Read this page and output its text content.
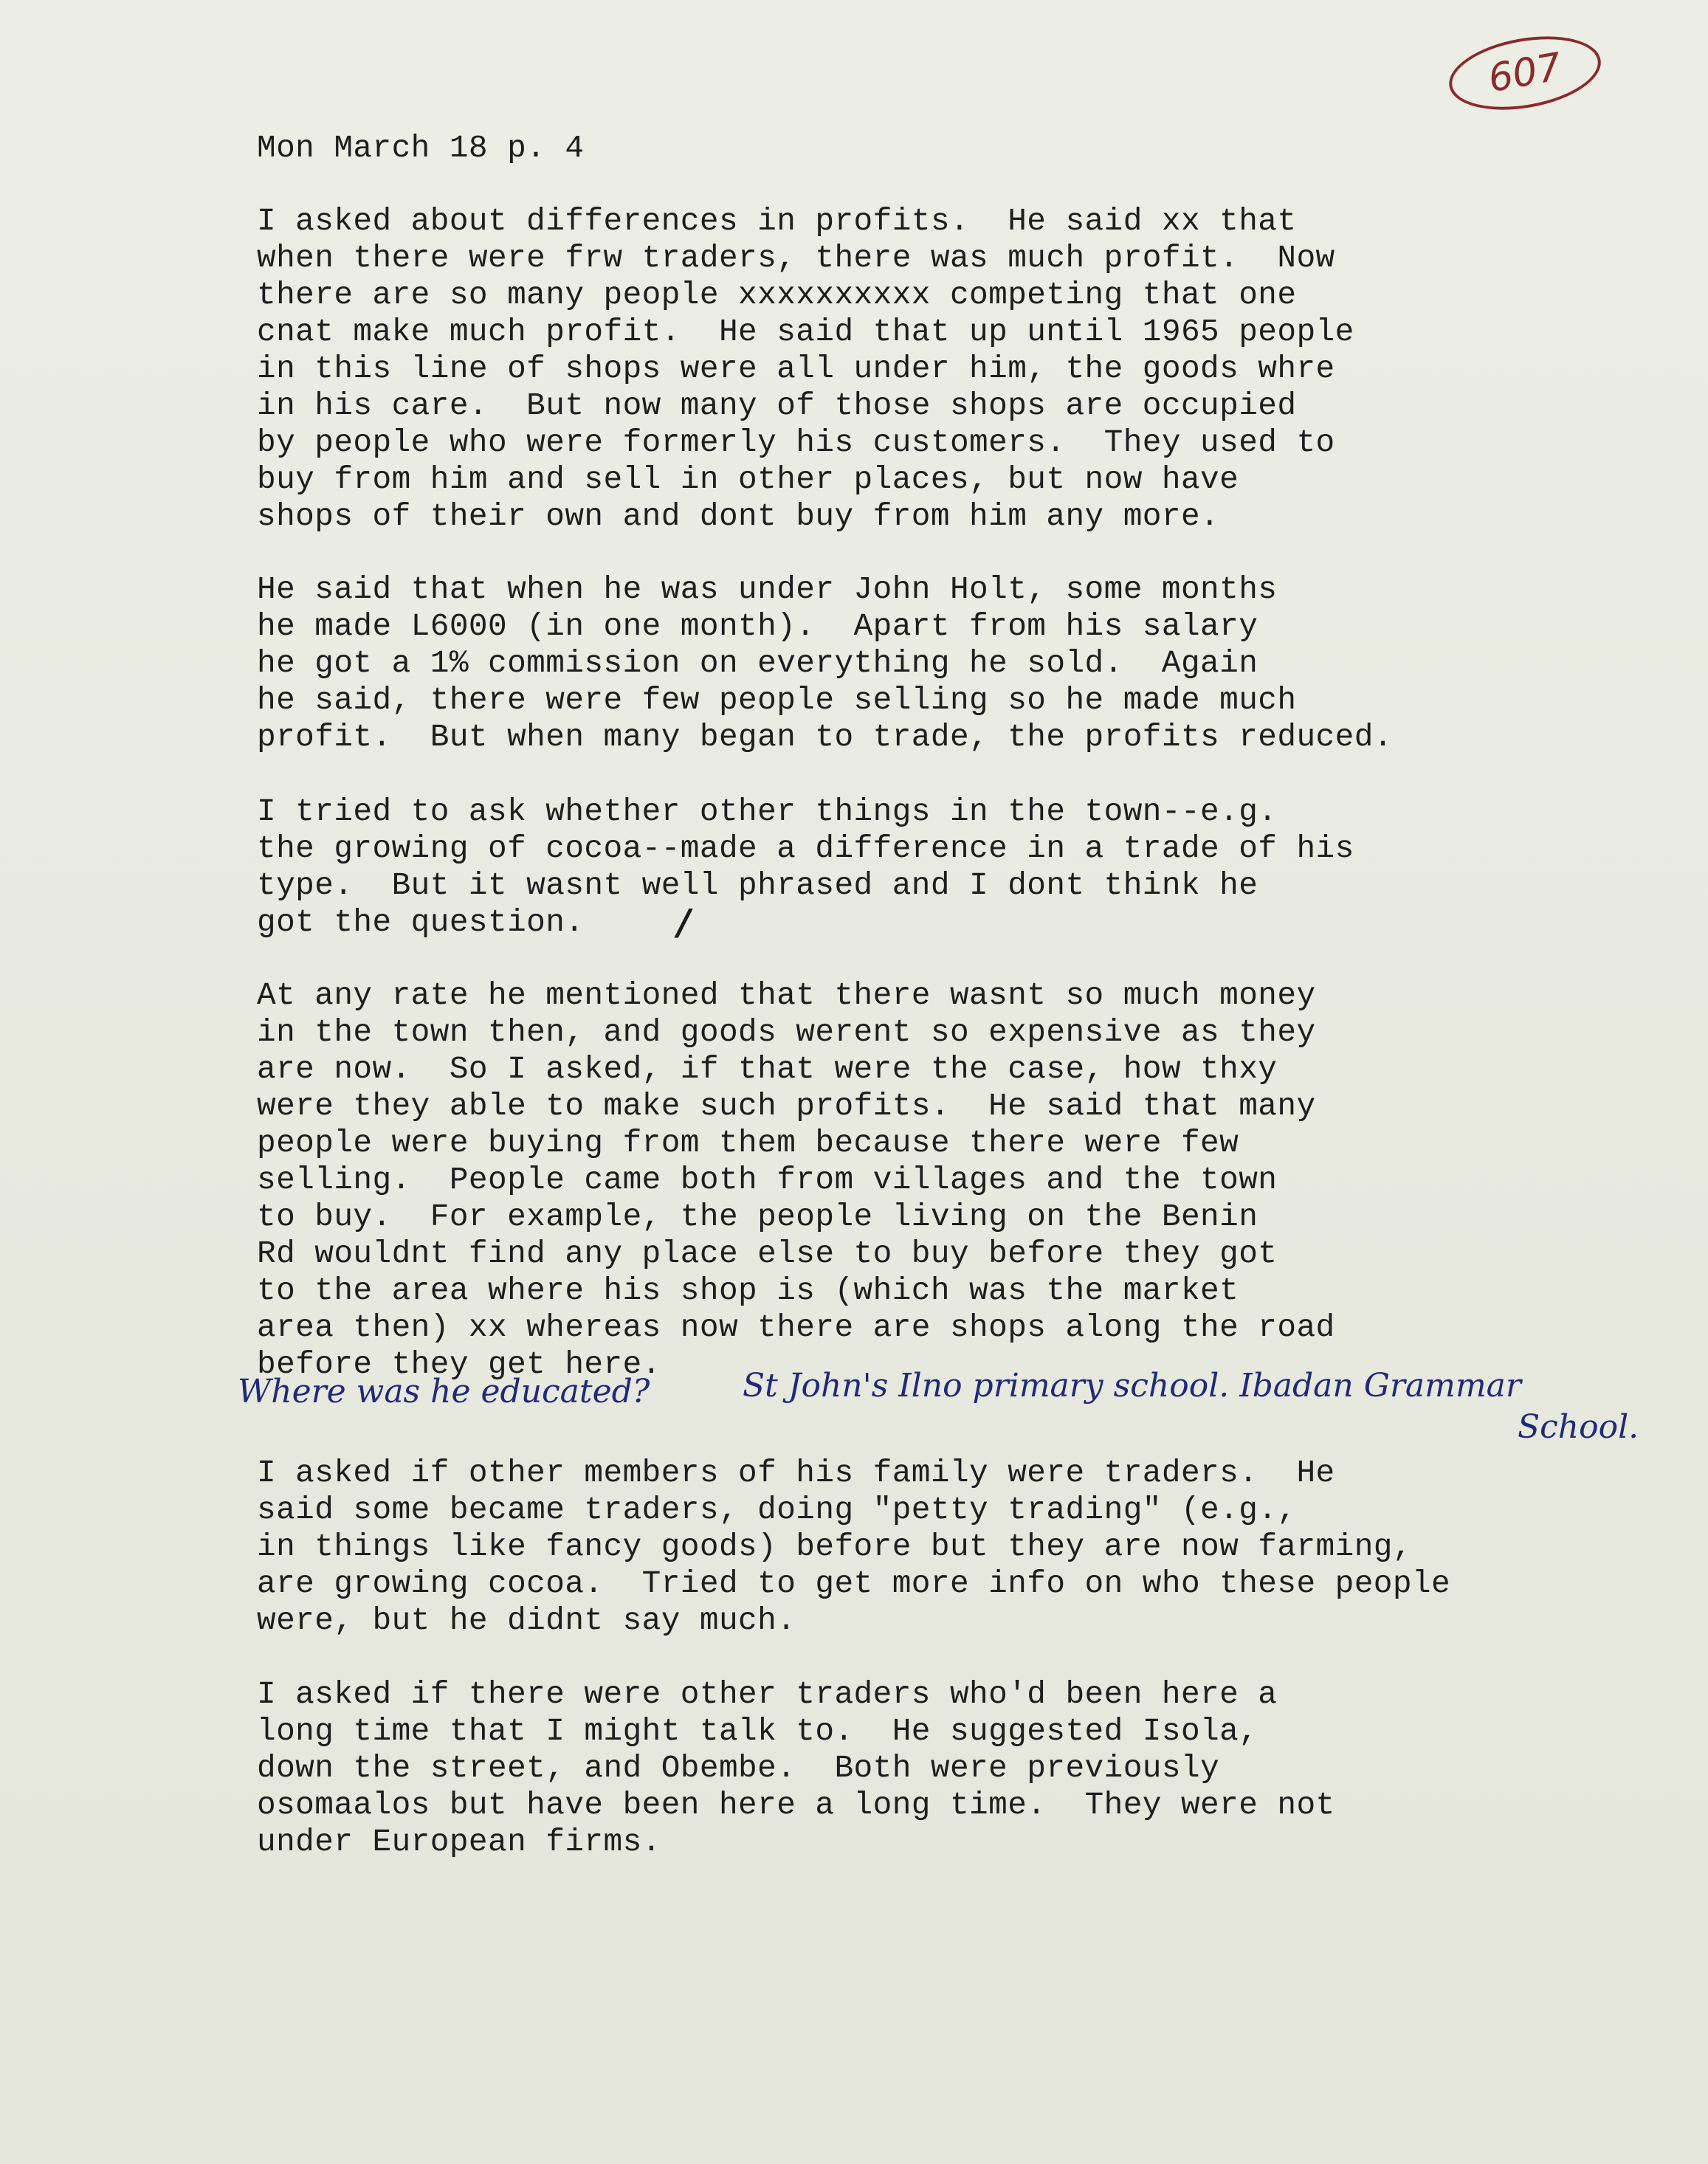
607
Mon March 18 p. 4
I asked about differences in profits.  He said xx that
when there were frw traders, there was much profit.  Now
there are so many people xxxxxxxxxx competing that one
cnat make much profit.  He said that up until 1965 people
in this line of shops were all under him, the goods whre
in his care.  But now many of those shops are occupied
by people who were formerly his customers.  They used to
buy from him and sell in other places, but now have
shops of their own and dont buy from him any more.
He said that when he was under John Holt, some months
he made L6000 (in one month).  Apart from his salary
he got a 1% commission on everything he sold.  Again
he said, there were few people selling so he made much
profit.  But when many began to trade, the profits reduced.
I tried to ask whether other things in the town--e.g.
the growing of cocoa--made a difference in a trade of his
type.  But it wasnt well phrased and I dont think he
got the question.	/
At any rate he mentioned that there wasnt so much money
in the town then, and goods werent so expensive as they
are now.  So I asked, if that were the case, how thxy
were they able to make such profits.  He said that many
people were buying from them because there were few
selling.  People came both from villages and the town
to buy.  For example, the people living on the Benin
Rd wouldnt find any place else to buy before they got
to the area where his shop is (which was the market
area then) xx whereas now there are shops along the road
before they get here.
Where was he educated?	St John's Ilno primary school. Ibadan Grammar
School.
I asked if other members of his family were traders.  He
said some became traders, doing "petty trading" (e.g.,
in things like fancy goods) before but they are now farming,
are growing cocoa.  Tried to get more info on who these people
were, but he didnt say much.
I asked if there were other traders who'd been here a
long time that I might talk to.  He suggested Isola,
down the street, and Obembe.  Both were previously
osomaalos but have been here a long time.  They were not
under European firms.
